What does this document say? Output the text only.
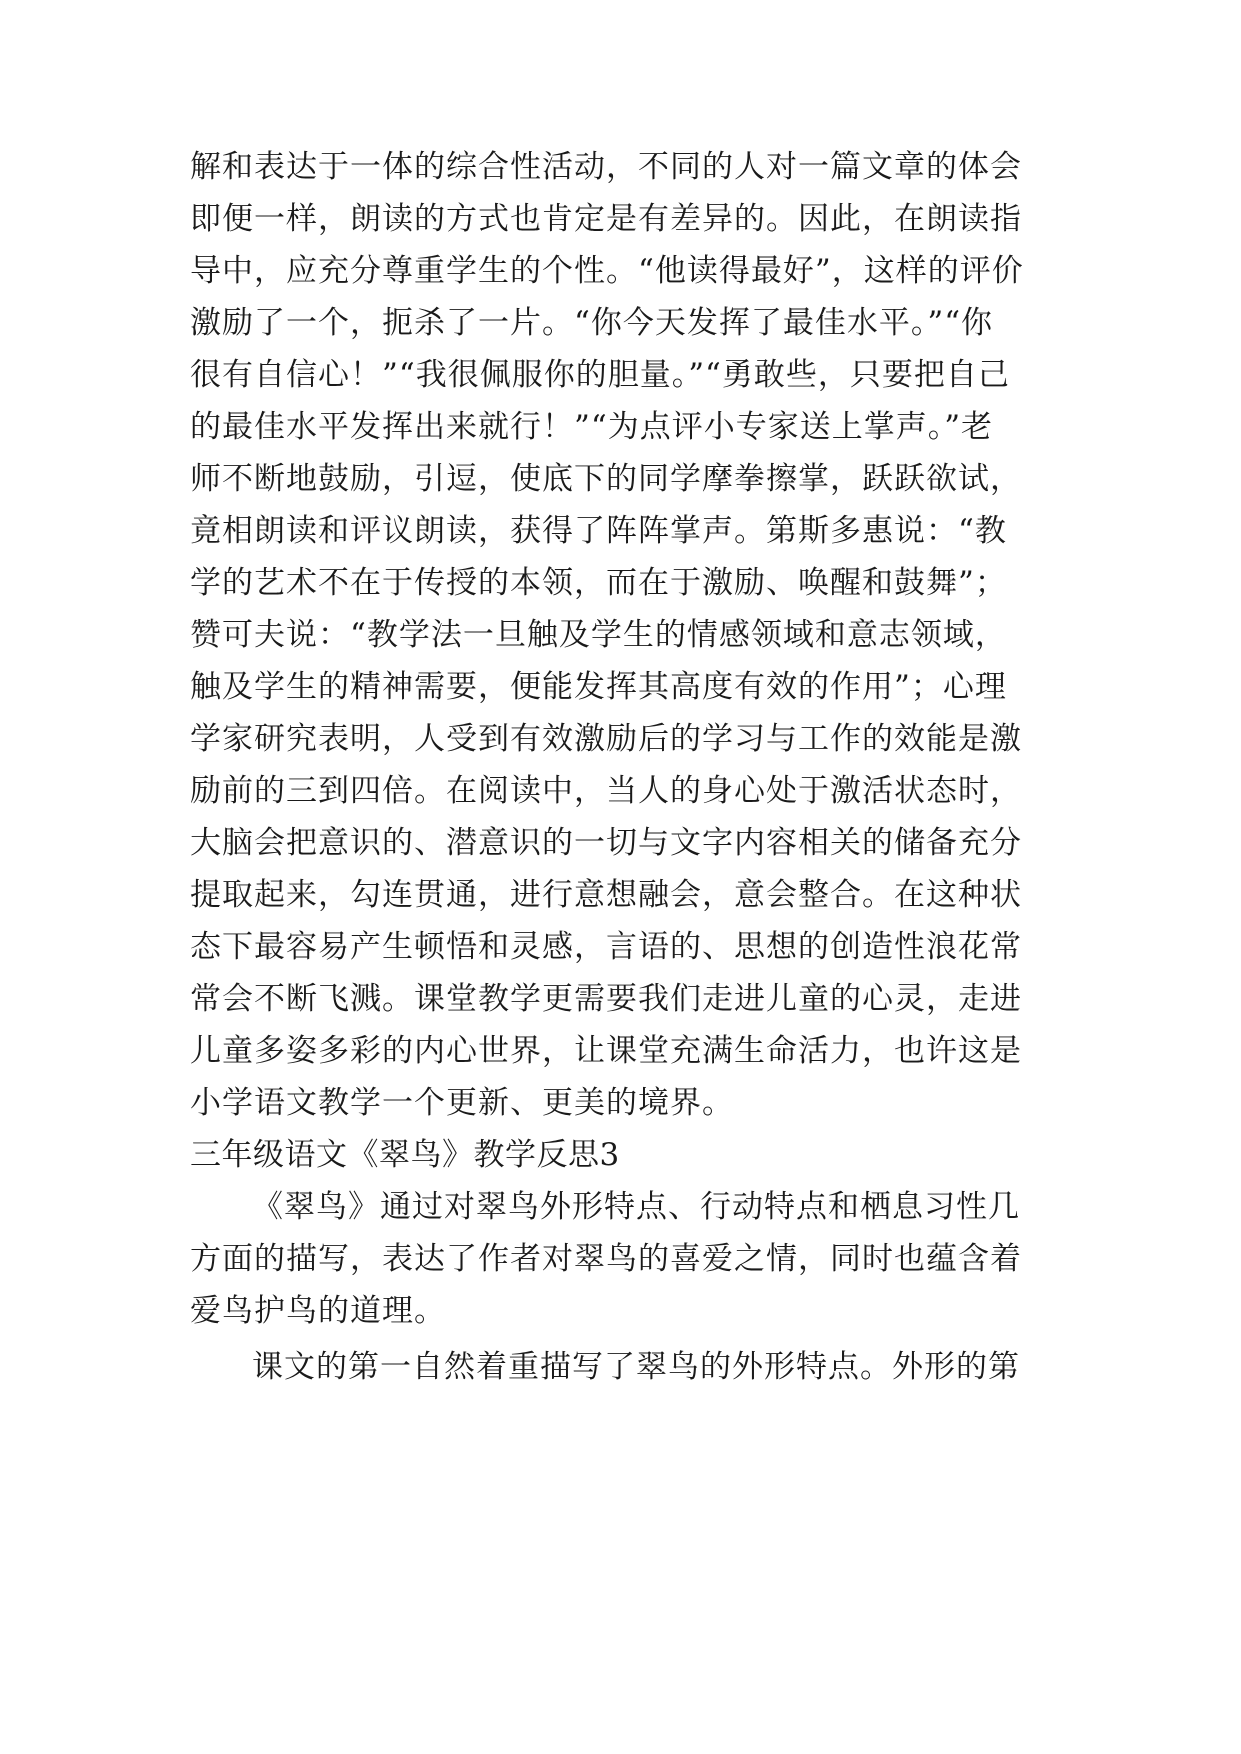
解和表达于一体的综合性活动，不同的人对一篇文章的体会
即便一样，朗读的方式也肯定是有差异的。因此，在朗读指
导中，应充分尊重学生的个性。“他读得最好”，这样的评价
激励了一个，扼杀了一片。“你今天发挥了最佳水平。”“你
很有自信心！”“我很佩服你的胆量。”“勇敢些，只要把自己
的最佳水平发挥出来就行！”“为点评小专家送上掌声。”老
师不断地鼓励，引逗，使底下的同学摩拳擦掌，跃跃欲试，
竟相朗读和评议朗读，获得了阵阵掌声。第斯多惠说：“教
学的艺术不在于传授的本领，而在于激励、唤醒和鼓舞”；
赞可夫说：“教学法一旦触及学生的情感领域和意志领域，
触及学生的精神需要，便能发挥其高度有效的作用”；心理
学家研究表明，人受到有效激励后的学习与工作的效能是激
励前的三到四倍。在阅读中，当人的身心处于激活状态时，
大脑会把意识的、潜意识的一切与文字内容相关的储备充分
提取起来，勾连贯通，进行意想融会，意会整合。在这种状
态下最容易产生顿悟和灵感，言语的、思想的创造性浪花常
常会不断飞溅。课堂教学更需要我们走进儿童的心灵，走进
儿童多姿多彩的内心世界，让课堂充满生命活力，也许这是
小学语文教学一个更新、更美的境界。
三年级语文《翠鸟》教学反思3
《翠鸟》通过对翠鸟外形特点、行动特点和栖息习性几
方面的描写，表达了作者对翠鸟的喜爱之情，同时也蕴含着
爱鸟护鸟的道理。
课文的第一自然着重描写了翠鸟的外形特点。外形的第
